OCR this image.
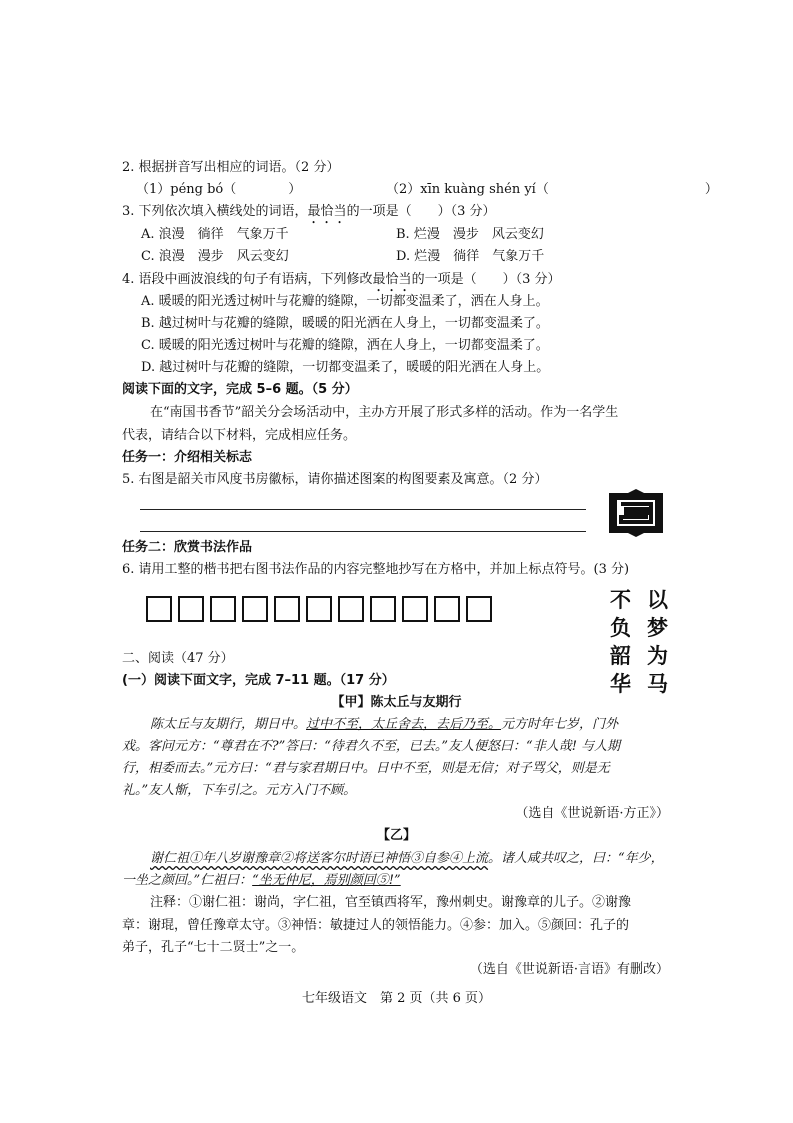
2. 根据拼音写出相应的词语。（2 分）
（1）péng bó（　　　　）	（2）xīn kuàng shén yí（　　　　　　　　　　　　）
3. 下列依次填入横线处的词语，最恰当的一项是（　　）（3 分）
A. 浪漫　徜徉　气象万千	B. 烂漫　漫步　风云变幻
C. 浪漫　漫步　风云变幻	D. 烂漫　徜徉　气象万千
4. 语段中画波浪线的句子有语病，下列修改最恰当的一项是（　　）（3 分）
A. 暖暖的阳光透过树叶与花瓣的缝隙，一切都变温柔了，洒在人身上。
B. 越过树叶与花瓣的缝隙，暖暖的阳光洒在人身上，一切都变温柔了。
C. 暖暖的阳光透过树叶与花瓣的缝隙，洒在人身上，一切都变温柔了。
D. 越过树叶与花瓣的缝隙，一切都变温柔了，暖暖的阳光洒在人身上。
阅读下面的文字，完成 5–6 题。（5 分）
在“南国书香节”韶关分会场活动中，主办方开展了形式多样的活动。作为一名学生
代表，请结合以下材料，完成相应任务。
任务一：介绍相关标志
5. 右图是韶关市风度书房徽标，请你描述图案的构图要素及寓意。（2 分）
任务二：欣赏书法作品
6. 请用工整的楷书把右图书法作品的内容完整地抄写在方格中，并加上标点符号。(3 分)
不 以
负 梦
韶 为
华 马
二、阅读（47 分）
(一）阅读下面文字，完成 7–11 题。（17 分）
【甲】陈太丘与友期行
陈太丘与友期行，期日中。过中不至，太丘舍去，去后乃至。元方时年七岁，门外
戏。客问元方：“尊君在不?”答曰：“待君久不至，已去。”友人便怒曰：“非人哉! 与人期
行，相委而去。”元方曰：“君与家君期日中。日中不至，则是无信；对子骂父，则是无
礼。”友人惭，下车引之。元方入门不顾。
（选自《世说新语·方正》）
【乙】
谢仁祖①年八岁谢豫章②将送客尔时语已神悟③自参④上流。诸人咸共叹之，曰：“年少，
一坐之颜回。”仁祖曰：“坐无仲尼，焉别颜回⑤!”
注释：①谢仁祖：谢尚，字仁祖，官至镇西将军，豫州刺史。谢豫章的儿子。②谢豫
章：谢琨，曾任豫章太守。③神悟：敏捷过人的领悟能力。④参：加入。⑤颜回：孔子的
弟子，孔子“七十二贤士”之一。
（选自《世说新语·言语》有删改）
七年级语文　第 2 页（共 6 页）
